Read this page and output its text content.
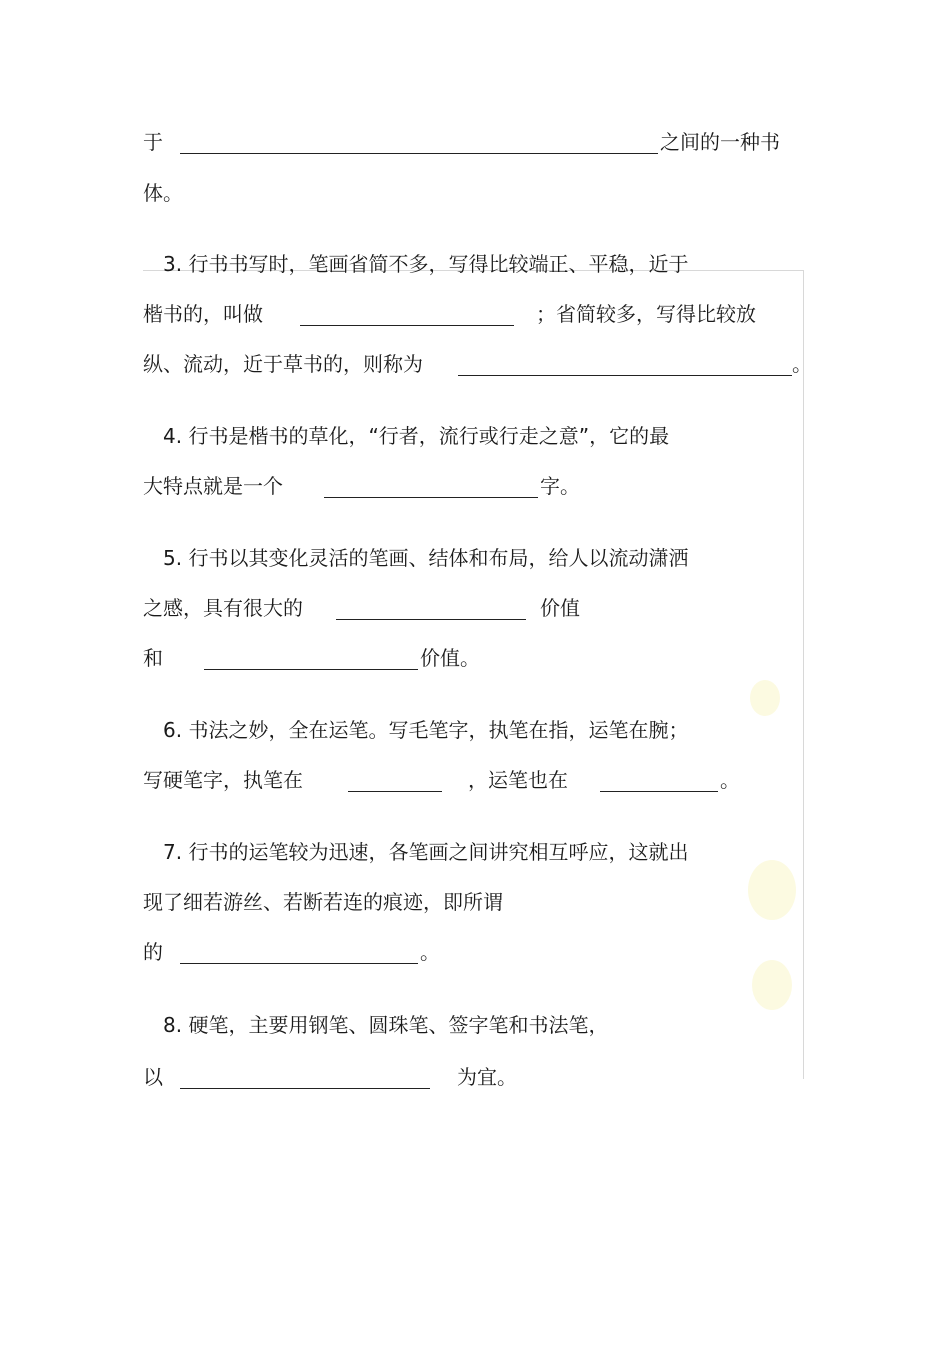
于	之间的一种书
体。
3. 行书书写时，笔画省简不多，写得比较端正、平稳，近于
楷书的，叫做	；省简较多，写得比较放
纵、流动，近于草书的，则称为	。
4. 行书是楷书的草化，“行者，流行或行走之意”，它的最
大特点就是一个	字。
5. 行书以其变化灵活的笔画、结体和布局，给人以流动潇洒
之感，具有很大的	价值
和	价值。
6. 书法之妙，全在运笔。写毛笔字，执笔在指，运笔在腕；
写硬笔字，执笔在	，运笔也在	。
7. 行书的运笔较为迅速，各笔画之间讲究相互呼应，这就出
现了细若游丝、若断若连的痕迹，即所谓
的	。
8. 硬笔，主要用钢笔、圆珠笔、签字笔和书法笔，
以	为宜。
